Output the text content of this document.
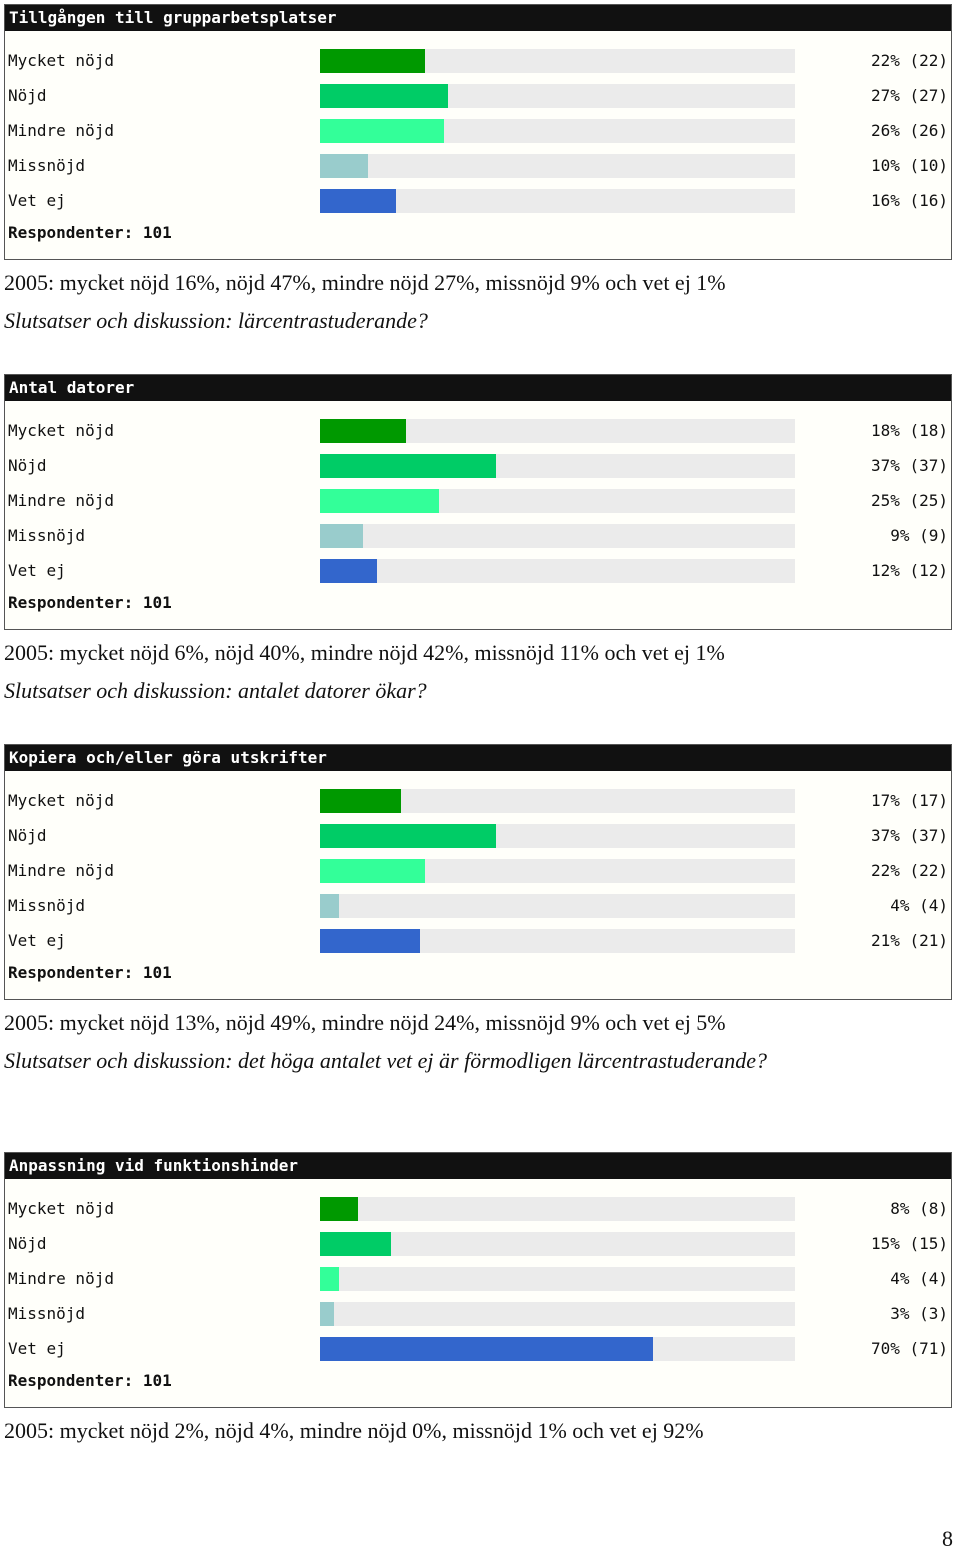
Tillgången till grupparbetsplatser
Mycket nöjd	22% (22)
Nöjd	27% (27)
Mindre nöjd	26% (26)
Missnöjd	10% (10)
Vet ej	16% (16)
Respondenter: 101
2005: mycket nöjd 16%, nöjd 47%, mindre nöjd 27%, missnöjd 9% och vet ej 1%
Slutsatser och diskussion: lärcentrastuderande?
Antal datorer
Mycket nöjd	18% (18)
Nöjd	37% (37)
Mindre nöjd	25% (25)
Missnöjd	9% (9)
Vet ej	12% (12)
Respondenter: 101
2005: mycket nöjd 6%, nöjd 40%, mindre nöjd 42%, missnöjd 11% och vet ej 1%
Slutsatser och diskussion: antalet datorer ökar?
Kopiera och/eller göra utskrifter
Mycket nöjd	17% (17)
Nöjd	37% (37)
Mindre nöjd	22% (22)
Missnöjd	4% (4)
Vet ej	21% (21)
Respondenter: 101
2005: mycket nöjd 13%, nöjd 49%, mindre nöjd 24%, missnöjd 9% och vet ej 5%
Slutsatser och diskussion: det höga antalet vet ej är förmodligen lärcentrastuderande?
Anpassning vid funktionshinder
Mycket nöjd	8% (8)
Nöjd	15% (15)
Mindre nöjd	4% (4)
Missnöjd	3% (3)
Vet ej	70% (71)
Respondenter: 101
2005: mycket nöjd 2%, nöjd 4%, mindre nöjd 0%, missnöjd 1% och vet ej 92%
8
